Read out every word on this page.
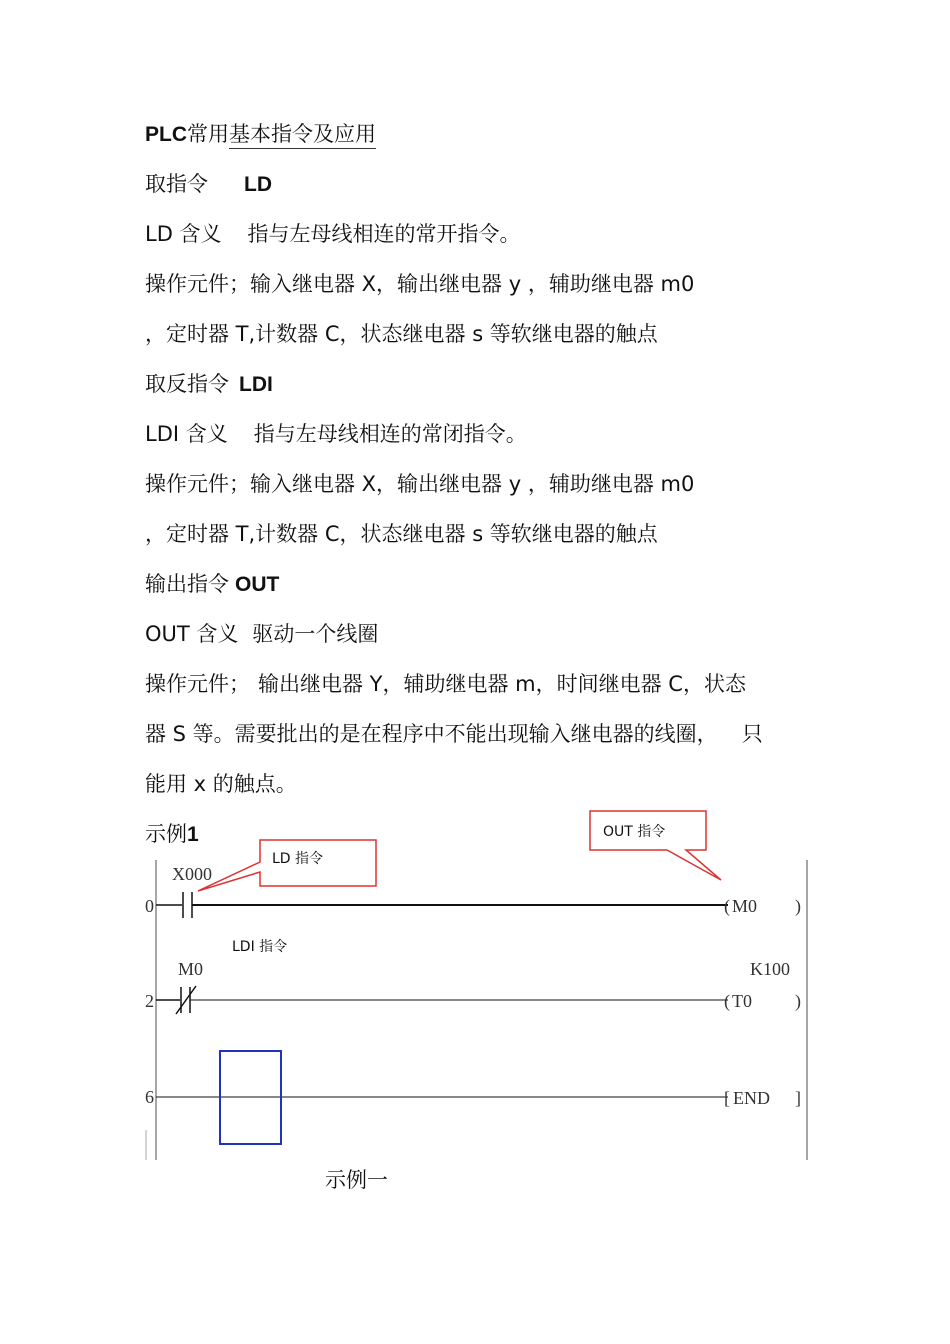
PLC常用基本指令及应用
取指令 LD
LD 含义 指与左母线相连的常开指令。
操作元件；输入继电器 X，输出继电器 y ，辅助继电器 m0
，定时器 T,计数器 C，状态继电器 s 等软继电器的触点
取反指令 LDI
LDI 含义 指与左母线相连的常闭指令。
操作元件；输入继电器 X，输出继电器 y ，辅助继电器 m0
，定时器 T,计数器 C，状态继电器 s 等软继电器的触点
输出指令 OUT
OUT 含义 驱动一个线圈
操作元件； 输出继电器 Y，辅助继电器 m，时间继电器 C，状态
器 S 等。需要批出的是在程序中不能出现输入继电器的线圈， 只
能用 x 的触点。
示例1
0
X000
( M0 )
2
M0	K100
( T0 )
6	[ END ]
LD 指令
OUT 指令
LDI 指令
示例一
